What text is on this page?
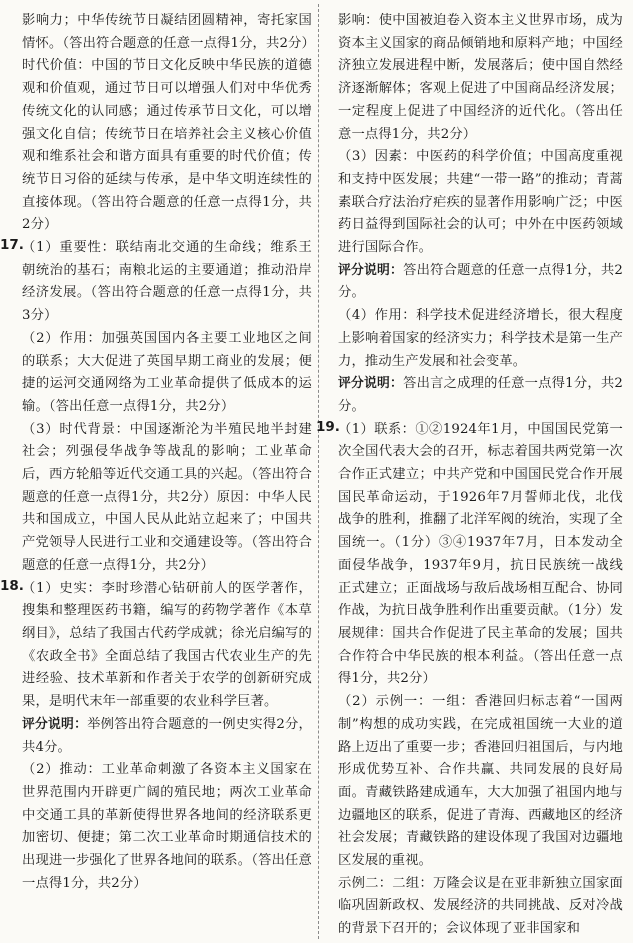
影响力；中华传统节日凝结团圆精神，寄托家国情怀。（答出符合题意的任意一点得1分，共2分）

时代价值：中国的节日文化反映中华民族的道德观和价值观，通过节日可以增强人们对中华优秀传统文化的认同感；通过传承节日文化，可以增强文化自信；传统节日在培养社会主义核心价值观和维系社会和谐方面具有重要的时代价值；传统节日习俗的延续与传承，是中华文明连续性的直接体现。（答出符合题意的任意一点得1分，共2分）

17.

（1）重要性：联结南北交通的生命线；维系王朝统治的基石；南粮北运的主要通道；推动沿岸经济发展。（答出符合题意的任意一点得1分，共3分）

（2）作用：加强英国国内各主要工业地区之间的联系；大大促进了英国早期工商业的发展；便捷的运河交通网络为工业革命提供了低成本的运输。（答出任意一点得1分，共2分）

（3）时代背景：中国逐渐沦为半殖民地半封建社会；列强侵华战争等战乱的影响；工业革命后，西方轮船等近代交通工具的兴起。（答出符合题意的任意一点得1分，共2分）原因：中华人民共和国成立，中国人民从此站立起来了；中国共产党领导人民进行工业和交通建设等。（答出符合题意的任意一点得1分，共2分）

18.

（1）史实：李时珍潜心钻研前人的医学著作，搜集和整理医药书籍，编写的药物学著作《本草纲目》，总结了我国古代药学成就；徐光启编写的《农政全书》全面总结了我国古代农业生产的先进经验、技术革新和作者关于农学的创新研究成果，是明代末年一部重要的农业科学巨著。

评分说明：举例答出符合题意的一例史实得2分，共4分。

（2）推动：工业革命刺激了各资本主义国家在世界范围内开辟更广阔的殖民地；两次工业革命中交通工具的革新使得世界各地间的经济联系更加密切、便捷；第二次工业革命时期通信技术的出现进一步强化了世界各地间的联系。（答出任意一点得1分，共2分）

影响：使中国被迫卷入资本主义世界市场，成为资本主义国家的商品倾销地和原料产地；中国经济独立发展进程中断，发展落后；使中国自然经济逐渐解体；客观上促进了中国商品经济发展；一定程度上促进了中国经济的近代化。（答出任意一点得1分，共2分）

（3）因素：中医药的科学价值；中国高度重视和支持中医发展；共建“一带一路”的推动；青蒿素联合疗法治疗疟疾的显著作用影响广泛；中医药日益得到国际社会的认可；中外在中医药领域进行国际合作。

评分说明：答出符合题意的任意一点得1分，共2分。

（4）作用：科学技术促进经济增长，很大程度上影响着国家的经济实力；科学技术是第一生产力，推动生产发展和社会变革。

评分说明：答出言之成理的任意一点得1分，共2分。

19.

（1）联系：①②1924年1月，中国国民党第一次全国代表大会的召开，标志着国共两党第一次合作正式建立；中共产党和中国国民党合作开展国民革命运动，于1926年7月誓师北伐，北伐战争的胜利，推翻了北洋军阀的统治，实现了全国统一。（1分）③④1937年7月，日本发动全面侵华战争，1937年9月，抗日民族统一战线正式建立；正面战场与敌后战场相互配合、协同作战，为抗日战争胜利作出重要贡献。（1分）发展规律：国共合作促进了民主革命的发展；国共合作符合中华民族的根本利益。（答出任意一点得1分，共2分）

（2）示例一：一组：香港回归标志着“一国两制”构想的成功实践，在完成祖国统一大业的道路上迈出了重要一步；香港回归祖国后，与内地形成优势互补、合作共赢、共同发展的良好局面。青藏铁路建成通车，大大加强了祖国内地与边疆地区的联系，促进了青海、西藏地区的经济社会发展；青藏铁路的建设体现了我国对边疆地区发展的重视。

示例二：二组：万隆会议是在亚非新独立国家面临巩固新政权、发展经济的共同挑战、反对冷战的背景下召开的；会议体现了亚非国家和
